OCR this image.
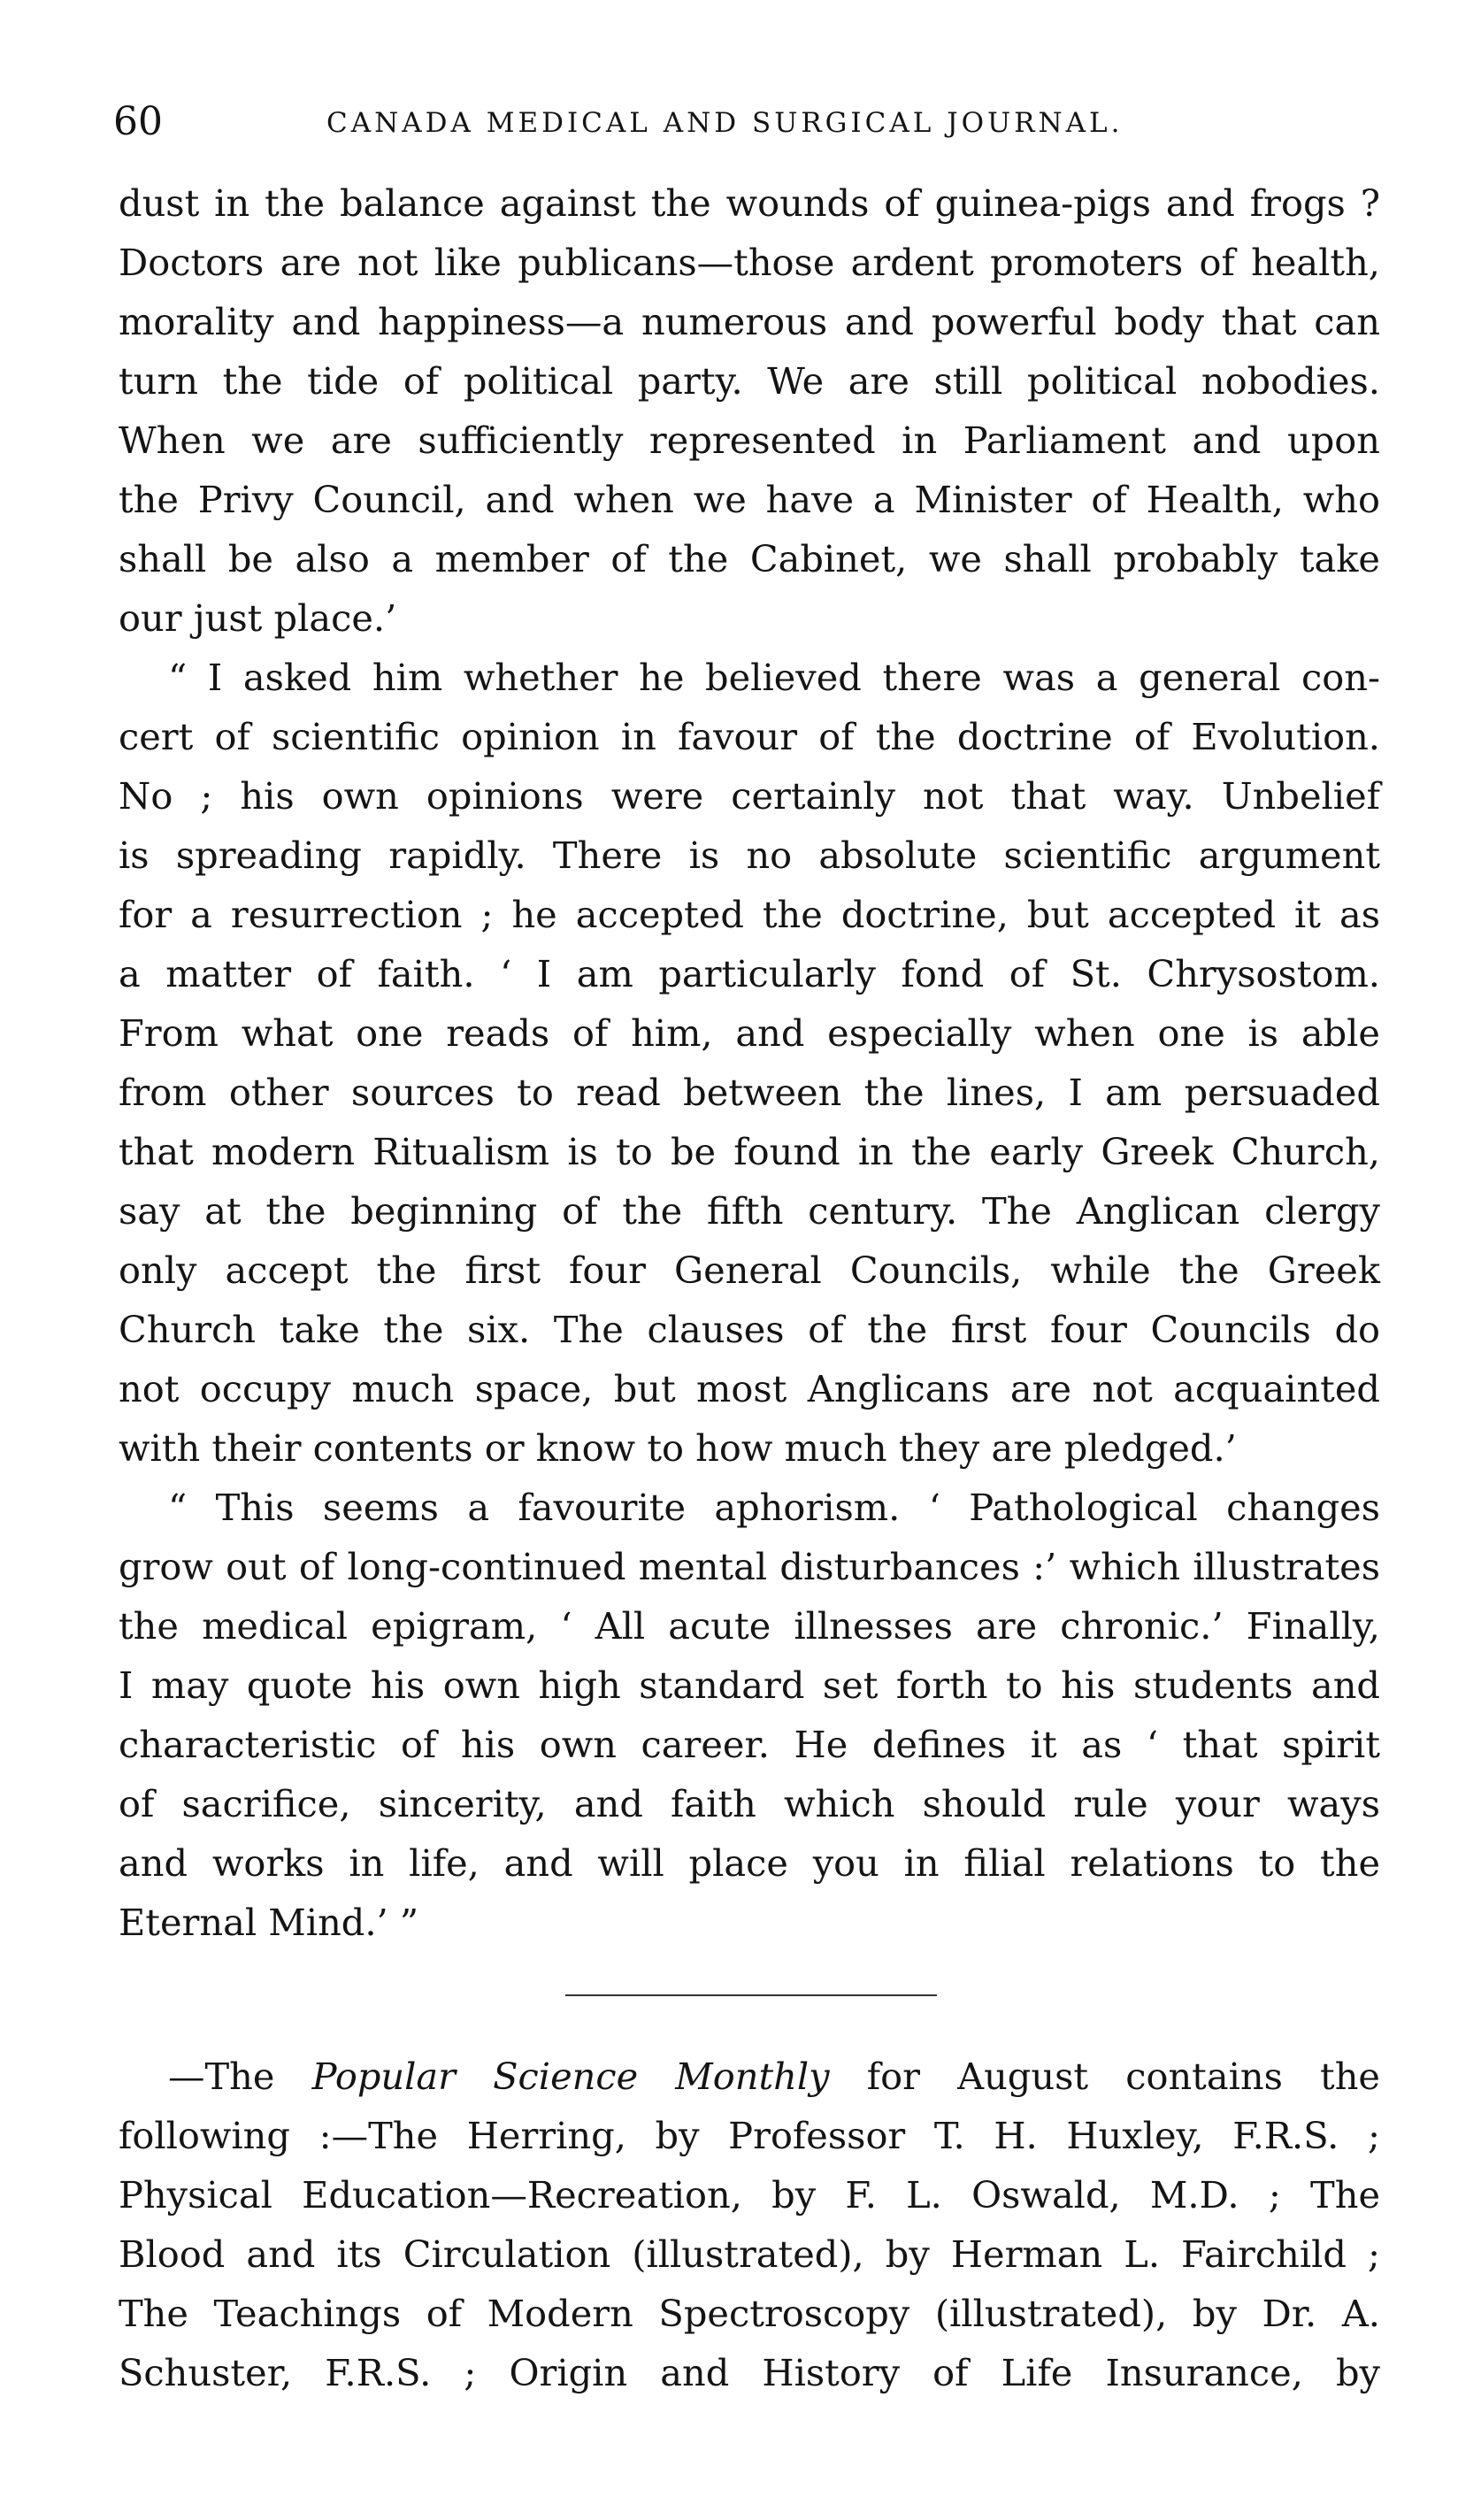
60	CANADA MEDICAL AND SURGICAL JOURNAL.
dust in the balance against the wounds of guinea-pigs and frogs ?
Doctors are not like publicans—those ardent promoters of health,
morality and happiness—a numerous and powerful body that can
turn the tide of political party. We are still political nobodies.
When we are sufficiently represented in Parliament and upon
the Privy Council, and when we have a Minister of Health, who
shall be also a member of the Cabinet, we shall probably take
our just place.’
“ I asked him whether he believed there was a general con-
cert of scientific opinion in favour of the doctrine of Evolution.
No ; his own opinions were certainly not that way. Unbelief
is spreading rapidly. There is no absolute scientific argument
for a resurrection ; he accepted the doctrine, but accepted it as
a matter of faith. ‘ I am particularly fond of St. Chrysostom.
From what one reads of him, and especially when one is able
from other sources to read between the lines, I am persuaded
that modern Ritualism is to be found in the early Greek Church,
say at the beginning of the fifth century. The Anglican clergy
only accept the first four General Councils, while the Greek
Church take the six. The clauses of the first four Councils do
not occupy much space, but most Anglicans are not acquainted
with their contents or know to how much they are pledged.’
“ This seems a favourite aphorism. ‘ Pathological changes
grow out of long-continued mental disturbances :’ which illustrates
the medical epigram, ‘ All acute illnesses are chronic.’ Finally,
I may quote his own high standard set forth to his students and
characteristic of his own career. He defines it as ‘ that spirit
of sacrifice, sincerity, and faith which should rule your ways
and works in life, and will place you in filial relations to the
Eternal Mind.’ ”
—The Popular Science Monthly for August contains the
following :—The Herring, by Professor T. H. Huxley, F.R.S. ;
Physical Education—Recreation, by F. L. Oswald, M.D. ; The
Blood and its Circulation (illustrated), by Herman L. Fairchild ;
The Teachings of Modern Spectroscopy (illustrated), by Dr. A.
Schuster, F.R.S. ; Origin and History of Life Insurance, by
